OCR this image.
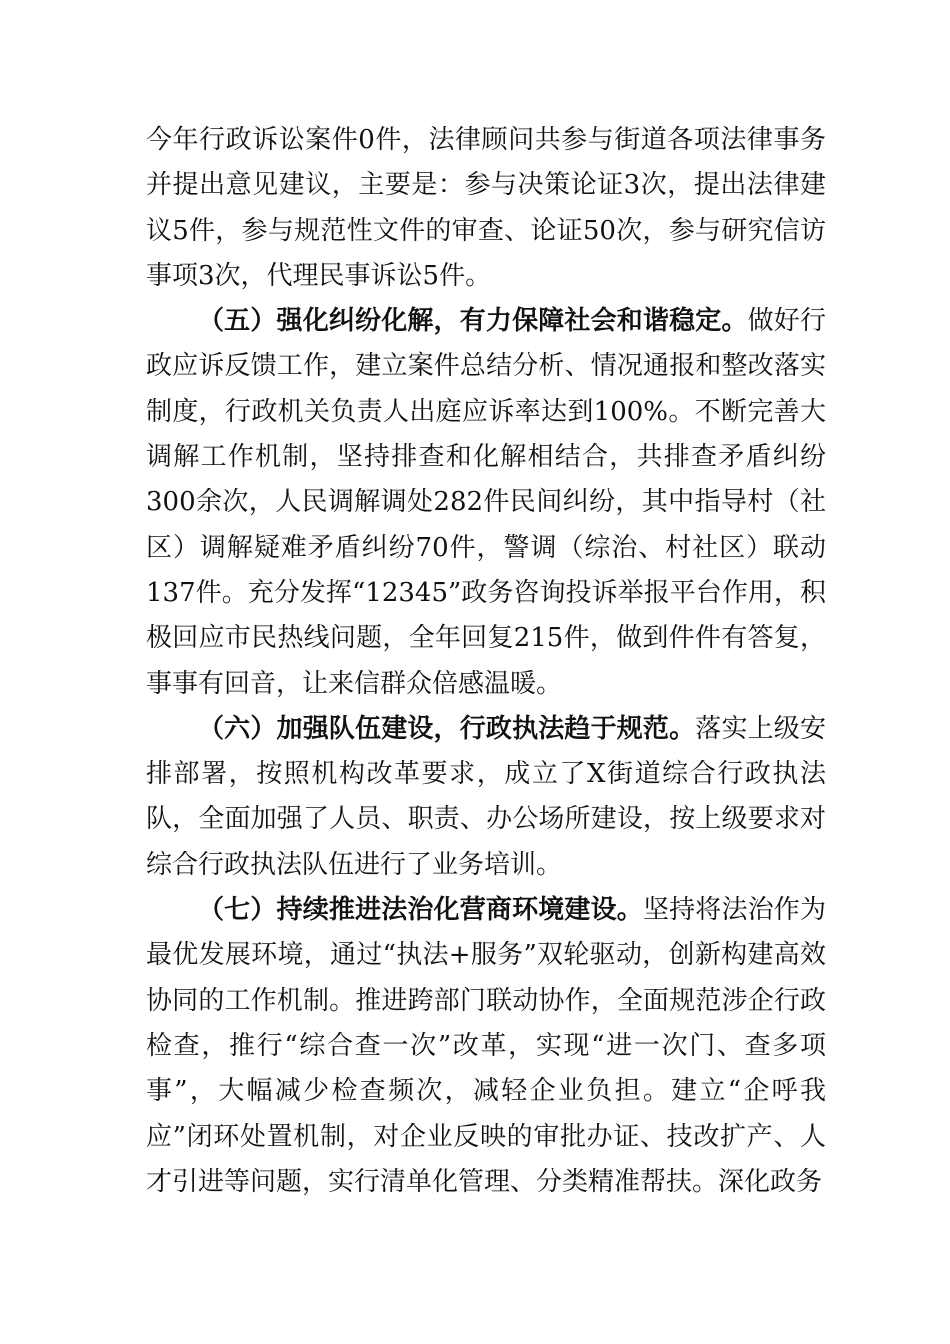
今年行政诉讼案件0件，法律顾问共参与街道各项法律事务并提出意见建议，主要是：参与决策论证3次，提出法律建议5件，参与规范性文件的审查、论证50次，参与研究信访事项3次，代理民事诉讼5件。

（五）强化纠纷化解，有力保障社会和谐稳定。做好行政应诉反馈工作，建立案件总结分析、情况通报和整改落实制度，行政机关负责人出庭应诉率达到100%。不断完善大调解工作机制，坚持排查和化解相结合，共排查矛盾纠纷300余次，人民调解调处282件民间纠纷，其中指导村（社区）调解疑难矛盾纠纷70件，警调（综治、村社区）联动137件。充分发挥“12345”政务咨询投诉举报平台作用，积极回应市民热线问题，全年回复215件，做到件件有答复，事事有回音，让来信群众倍感温暖。

（六）加强队伍建设，行政执法趋于规范。落实上级安排部署，按照机构改革要求，成立了X街道综合行政执法队，全面加强了人员、职责、办公场所建设，按上级要求对综合行政执法队伍进行了业务培训。

（七）持续推进法治化营商环境建设。坚持将法治作为最优发展环境，通过“执法+服务”双轮驱动，创新构建高效协同的工作机制。推进跨部门联动协作，全面规范涉企行政检查，推行“综合查一次”改革，实现“进一次门、查多项事”，大幅减少检查频次，减轻企业负担。建立“企呼我应”闭环处置机制，对企业反映的审批办证、技改扩产、人才引进等问题，实行清单化管理、分类精准帮扶。深化政务
